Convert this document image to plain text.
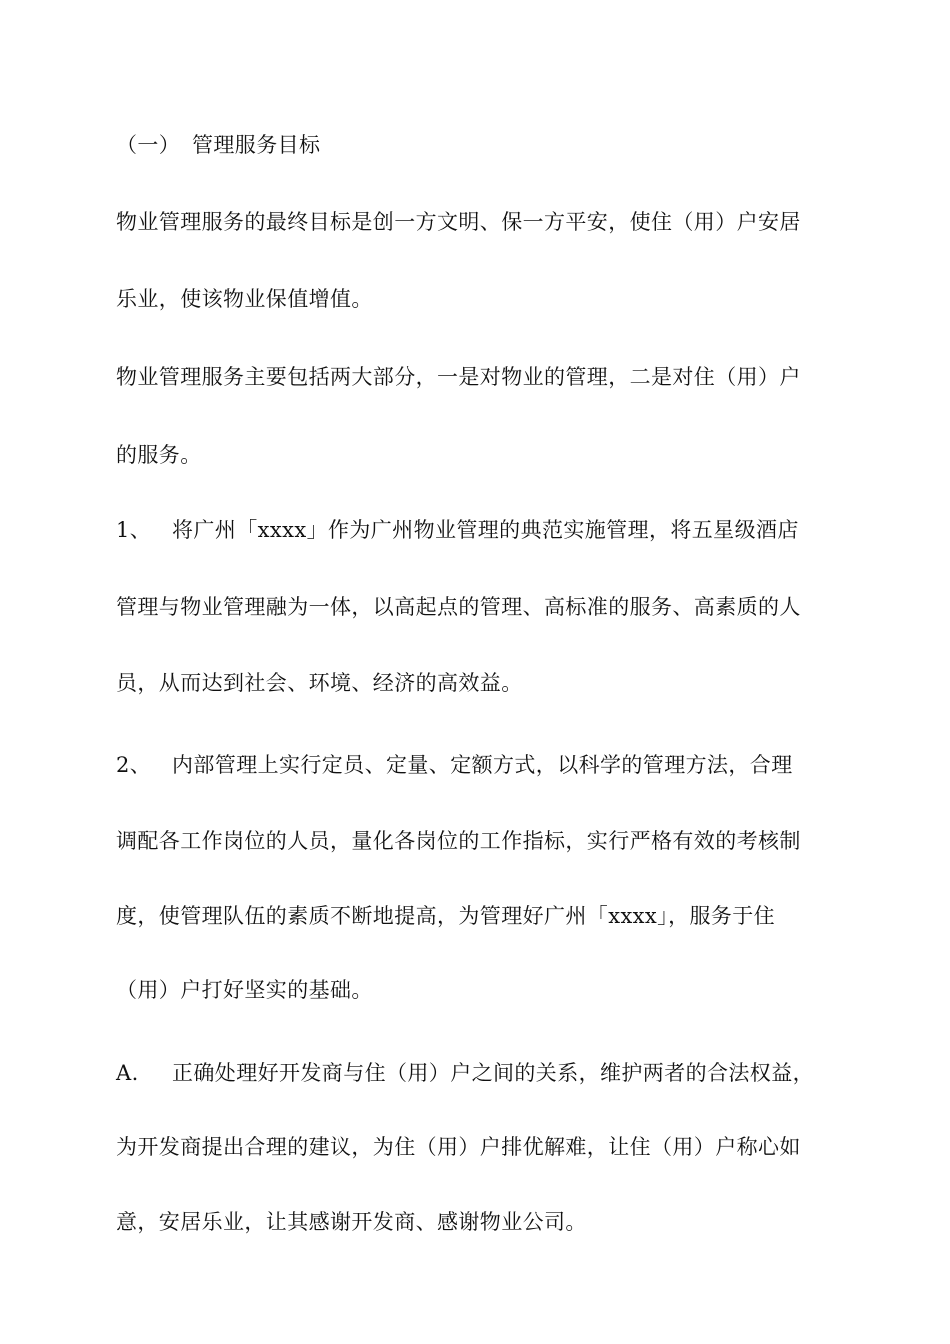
（一） 管理服务目标
物业管理服务的最终目标是创一方文明、保一方平安，使住（用）户安居
乐业，使该物业保值增值。
物业管理服务主要包括两大部分，一是对物业的管理，二是对住（用）户
的服务。
1、 将广州「xxxx」作为广州物业管理的典范实施管理，将五星级酒店
管理与物业管理融为一体，以高起点的管理、高标准的服务、高素质的人
员，从而达到社会、环境、经济的高效益。
2、 内部管理上实行定员、定量、定额方式，以科学的管理方法，合理
调配各工作岗位的人员，量化各岗位的工作指标，实行严格有效的考核制
度，使管理队伍的素质不断地提高，为管理好广州「xxxx」，服务于住
（用）户打好坚实的基础。
A. 正确处理好开发商与住（用）户之间的关系，维护两者的合法权益，
为开发商提出合理的建议，为住（用）户排优解难，让住（用）户称心如
意，安居乐业，让其感谢开发商、感谢物业公司。
